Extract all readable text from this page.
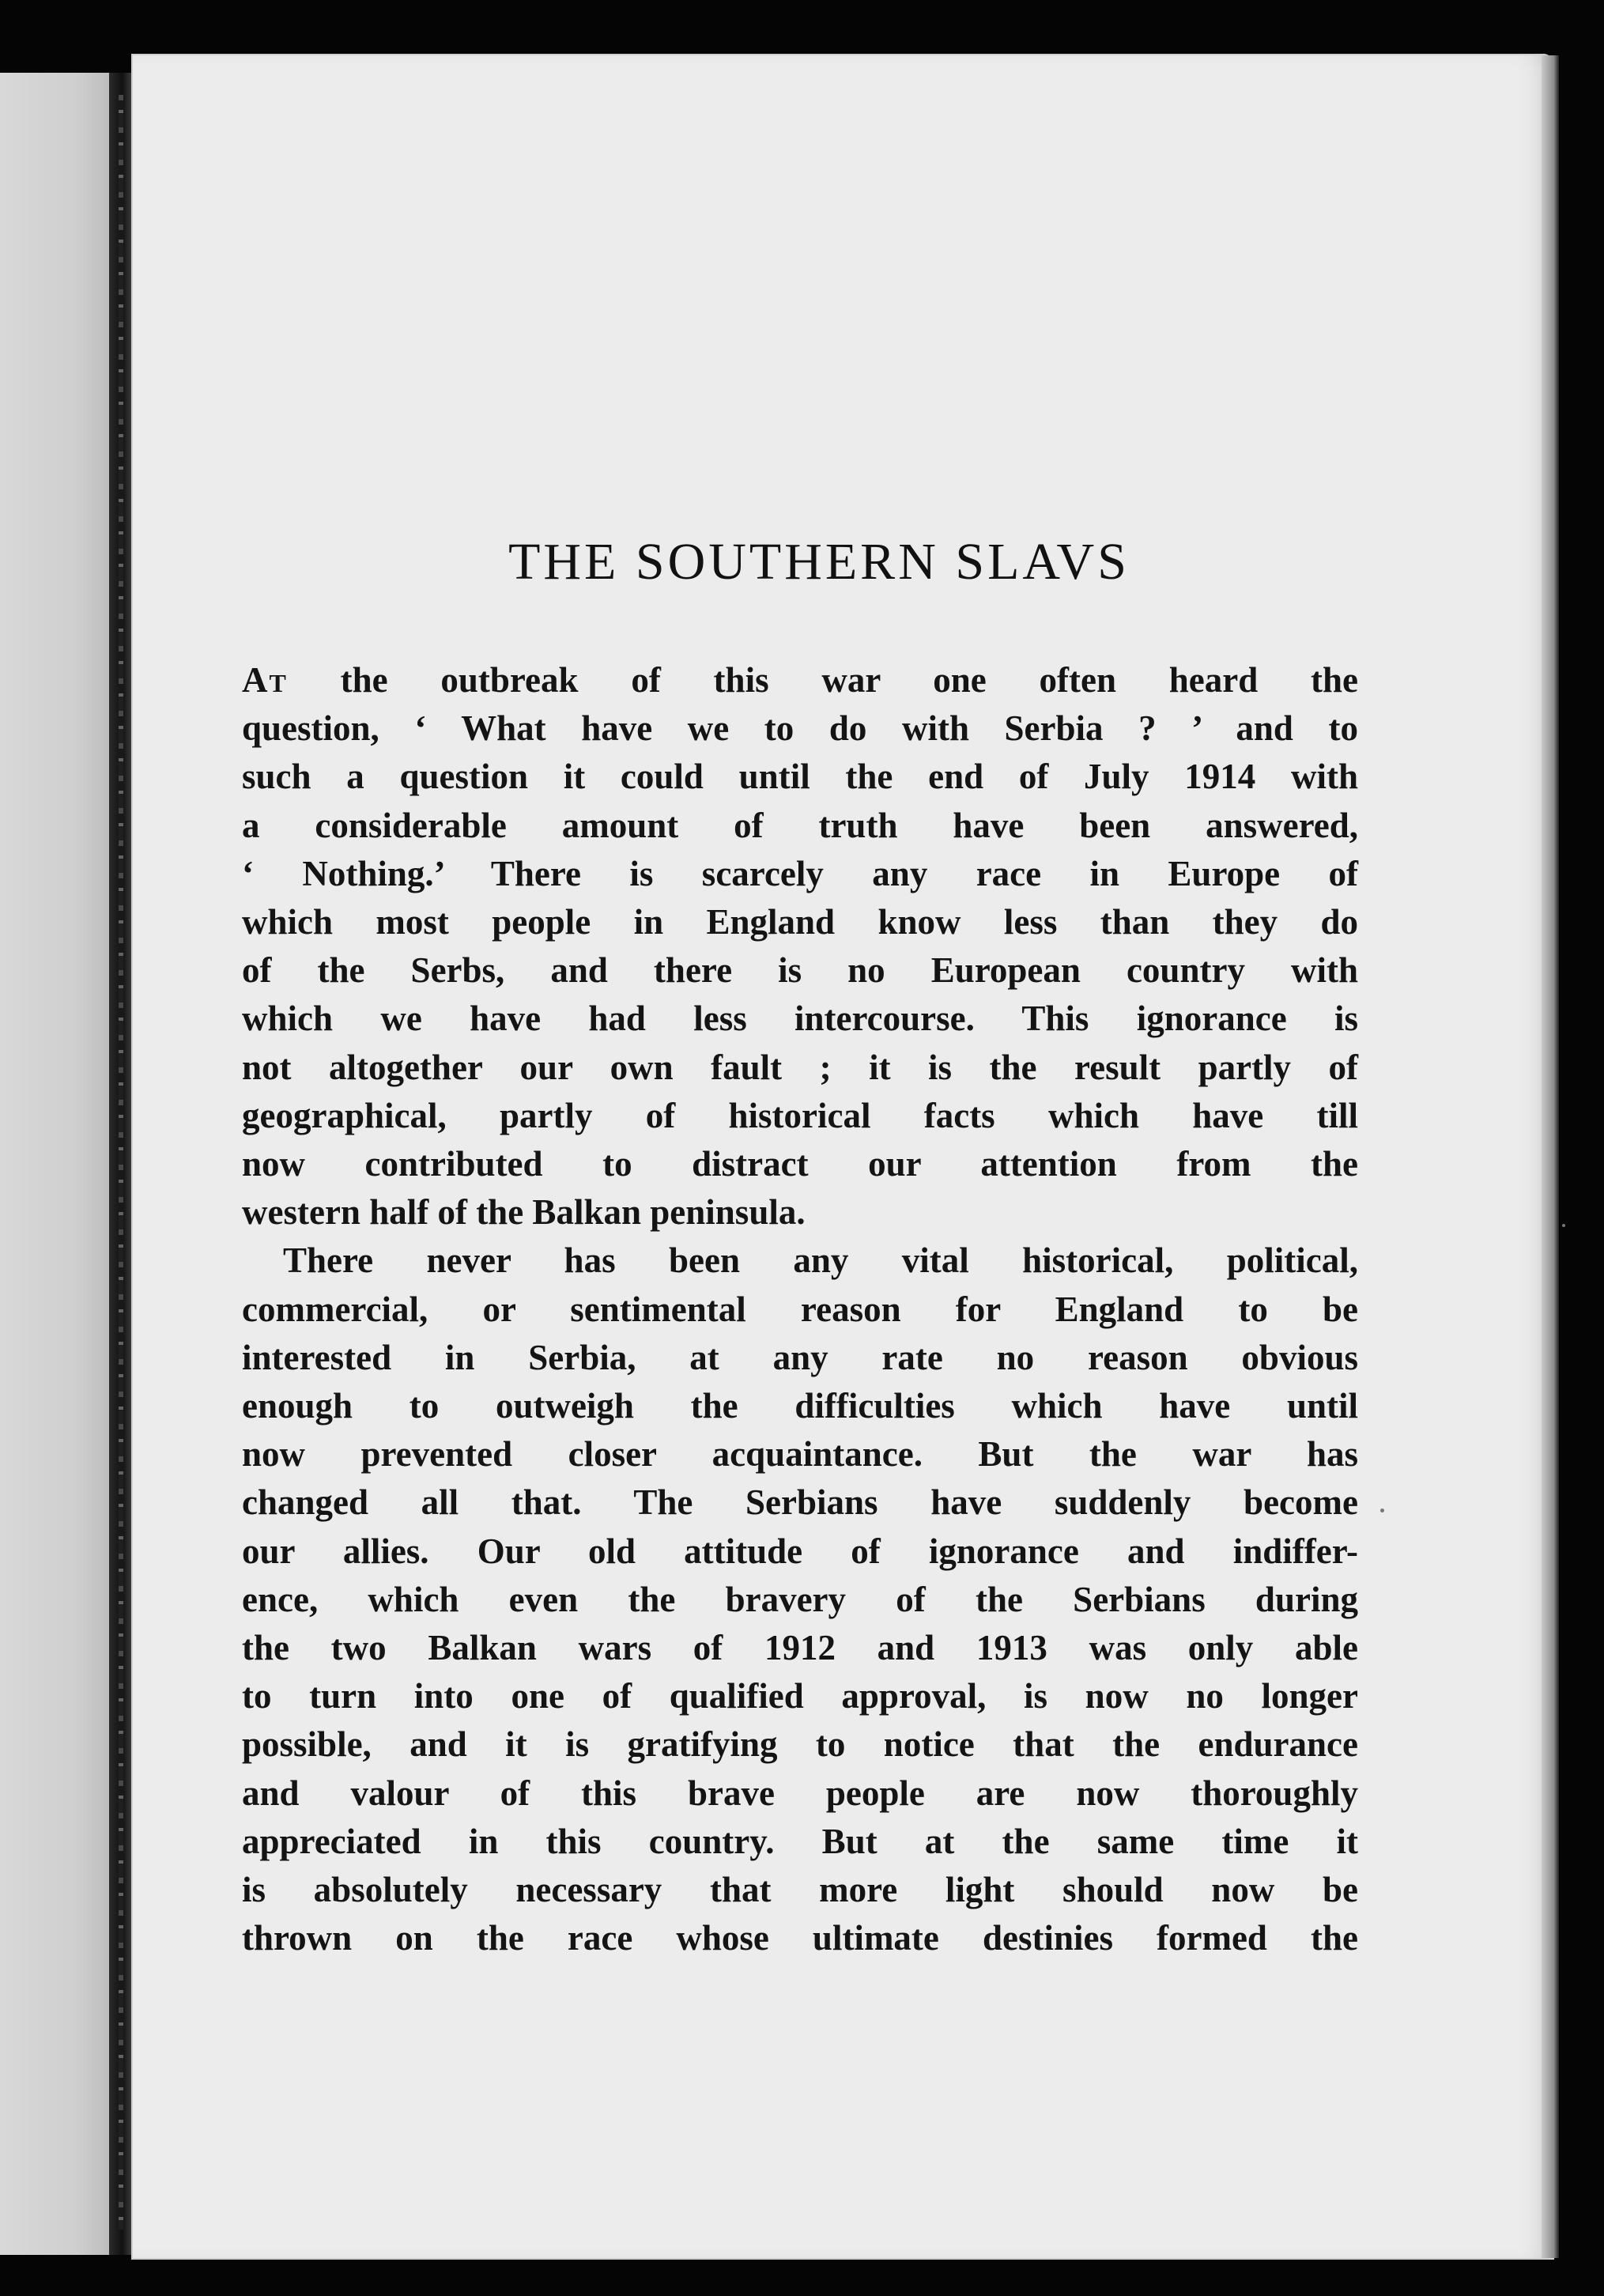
THE SOUTHERN SLAVS
At the outbreak of this war one often heard the
question, ‘ What have we to do with Serbia ? ’ and to
such a question it could until the end of July 1914 with
a considerable amount of truth have been answered,
‘ Nothing.’ There is scarcely any race in Europe of
which most people in England know less than they do
of the Serbs, and there is no European country with
which we have had less intercourse. This ignorance is
not altogether our own fault ; it is the result partly of
geographical, partly of historical facts which have till
now contributed to distract our attention from the
western half of the Balkan peninsula.
There never has been any vital historical, political,
commercial, or sentimental reason for England to be
interested in Serbia, at any rate no reason obvious
enough to outweigh the difficulties which have until
now prevented closer acquaintance. But the war has
changed all that. The Serbians have suddenly become
our allies. Our old attitude of ignorance and indiffer-
ence, which even the bravery of the Serbians during
the two Balkan wars of 1912 and 1913 was only able
to turn into one of qualified approval, is now no longer
possible, and it is gratifying to notice that the endurance
and valour of this brave people are now thoroughly
appreciated in this country. But at the same time it
is absolutely necessary that more light should now be
thrown on the race whose ultimate destinies formed the
